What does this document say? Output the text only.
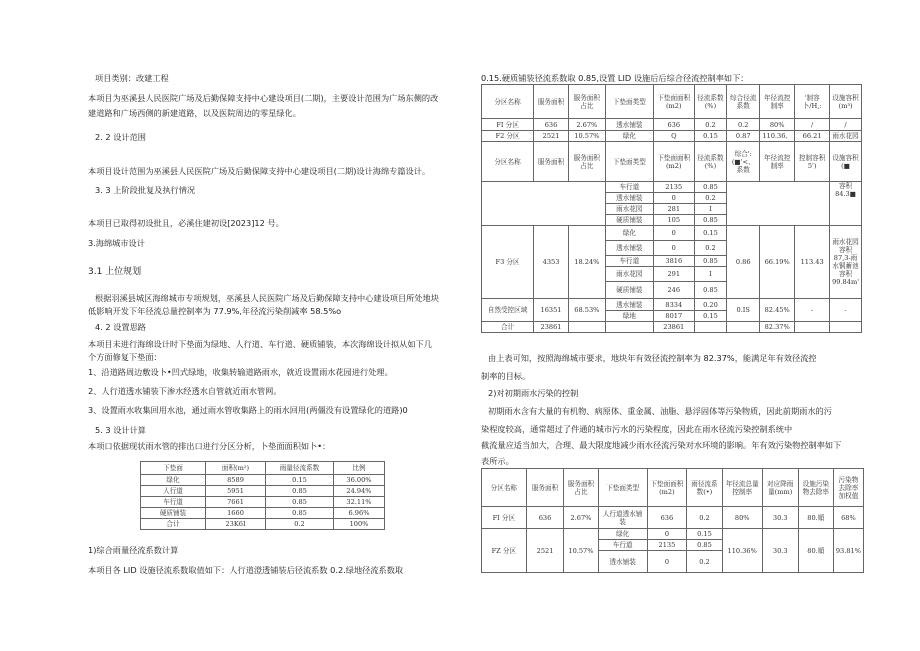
项目类别：改建工程
本项目为巫溪县人民医院广场及后勤保障支持中心建设项目(二期)，主要设计范围为广场东侧的改
建道路和广场西侧的新建道路，以及医院周边的零星绿化。
2. 2 设计范围
本项目设计范围为巫溪县人民医院广场及后勤保障支持中心建设项目(二期)设计海绵专篇设计。
3. 3 上阶段批复及执行情况
本项目已取得初设批且，必溪住建初设[2023]12 号。
3.海绵城市设计
3.1 上位规划
根据羽溪县城区海绵城市专项规划，巫溪县人民医院广场及后勤保障支持中心建设项目所处地块
低影响开发下年径流总量控制率为 77.9%,年径流污染削减率 58.5%o
4. 2 设置思路
本项目未进行海绵设计时下垫面为绿地、人行道、车行道、硬质铺装，本次海绵设计拟从如下几
个方面修复下垫面：
1、沿道路周边敷设卜•凹式绿地，收集转输道路雨水，就近设置雨水花园进行处理。
2、人行道透水铺装下渗水经透水自管就近雨水管网。
3、设置雨水收集回用水池，通过雨水管收集路上的雨水回用(两僵没有设置绿化的道路)0
5. 3 设计计算
本项口依据现状雨水管的排出口进行分区分析，卜垫面面积如卜•：
下垫面	面积(m²)	雨量径流系数	比例
绿化	8589	0.15	36.00%
人行道	5951	0.85	24.94%
车行道	7661	0.85	32.11%
硬质铺装	1660	0.85	6.96%
合计	23K6I	0.2	100%
1)综合雨量径流系数计算
本项目各 LID 设施径流系数取值如下：人行道澄透铺装后径流系数 0.2.绿地径流系数取
0.15.硬质铺装径流系数取 0.85,设置 LID 设施后后综合径流控制率如下：
分区名称	服务面积	服务面积占比	下垫面类型	下垫面面积(m2)	径流系数(%)	综合径流系数	年径流控制率	‘制容卜/H,:	设施容积(m³)
FI 分区	636	2.67%	透水铺装	636	0.2	0.2	80%	/	/
F2 分区	2521	10.57%	绿化	Q	0.15	0.87	110.36、	66.21	雨水花园
分区名称	服务面积	服务面积占比	下垫面类型	下垫面面积(m2)	径流系数(%)	综合':(■'<、系数	年径流控制率	控制容积 5')	设施容积(■
			车行道	2135	0.85				容积 84.3■
			透水铺装	0	0.2				
			雨水花园	281	I				
			硬质铺装	105	0.85				
F3 分区	4353	18.24%	绿化	0	0.15	0.86	66.19%	113.43	雨水花园容积 87,3-雨水铜蓄池容积 99.84m'
			透水铺装	0	0.2				
			车行道	3816	0.85				
			雨水花园	291	I				
			硬质铺装	246	0.85				
自然受控区域	16351	68.53%	透水铺装	8334	0.20	0.IS	82.45%	-	-
			绿地	8017	0.15				
合计	23861			23861			82.37%		
由上表可知，按照海绵城市要求，地块年有效径流控制率为 82.37%，能满足年有效径流控
制率的目标。
2)对初期雨水污染的控制
初期雨水含有大量的有机物、病原体、重金属、油脂、悬浮固体等污染物质，因此前期雨水的污
染程度较高，通常超过了件通的城市污水的污染程度，因此在雨水径流污染控制系统中
截流量应适当加大，合理、最大限度地减少雨水径流污染对水环境的影晌。年有效污染物控制率如下
表所示。
分区名称	服务面积	服务面积占比	下垫面类型	下垫面面积(m2)	雨径流系数(•)	年径流总量控制率	对应降雨量(mm)	设施污染物去除率	污染物去除率加权值
FI 分区	636	2.67%	人行道透水铺装	636	0.2	80%	30.3	80.順	68%
FZ 分区	2521	10.57%	绿化	0	0.15	110.36%	30.3	80.順	93.81%
			车行道	2135	0.85				
			透水铺装	0	0.2				
